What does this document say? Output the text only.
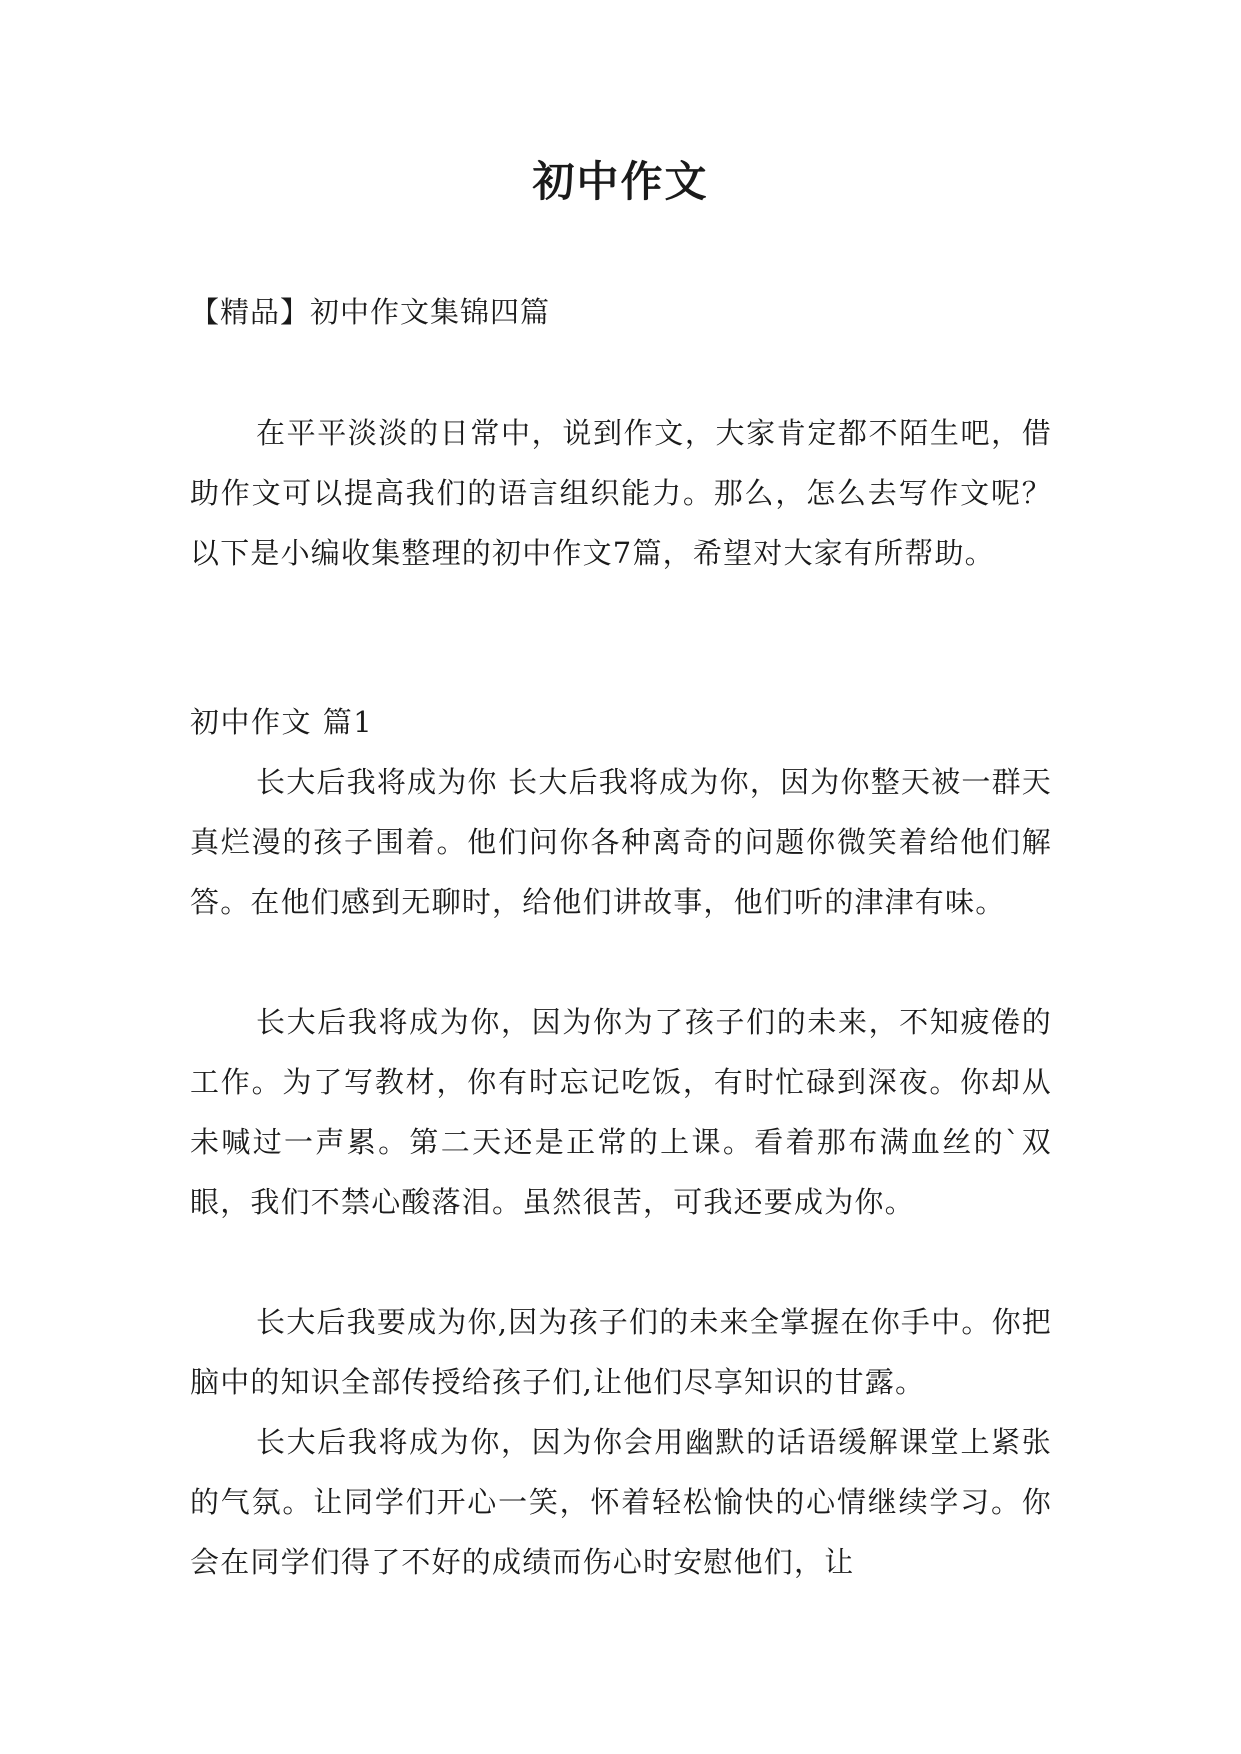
初中作文

【精品】初中作文集锦四篇

在平平淡淡的日常中，说到作文，大家肯定都不陌生吧，借助作文可以提高我们的语言组织能力。那么，怎么去写作文呢？以下是小编收集整理的初中作文7篇，希望对大家有所帮助。

初中作文 篇1

长大后我将成为你 长大后我将成为你，因为你整天被一群天真烂漫的孩子围着。他们问你各种离奇的问题你微笑着给他们解答。在他们感到无聊时，给他们讲故事，他们听的津津有味。

长大后我将成为你，因为你为了孩子们的未来，不知疲倦的工作。为了写教材，你有时忘记吃饭，有时忙碌到深夜。你却从未喊过一声累。第二天还是正常的上课。看着那布满血丝的`双眼，我们不禁心酸落泪。虽然很苦，可我还要成为你。

长大后我要成为你,因为孩子们的未来全掌握在你手中。你把脑中的知识全部传授给孩子们,让他们尽享知识的甘露。

长大后我将成为你，因为你会用幽默的话语缓解课堂上紧张的气氛。让同学们开心一笑，怀着轻松愉快的心情继续学习。你会在同学们得了不好的成绩而伤心时安慰他们，让
